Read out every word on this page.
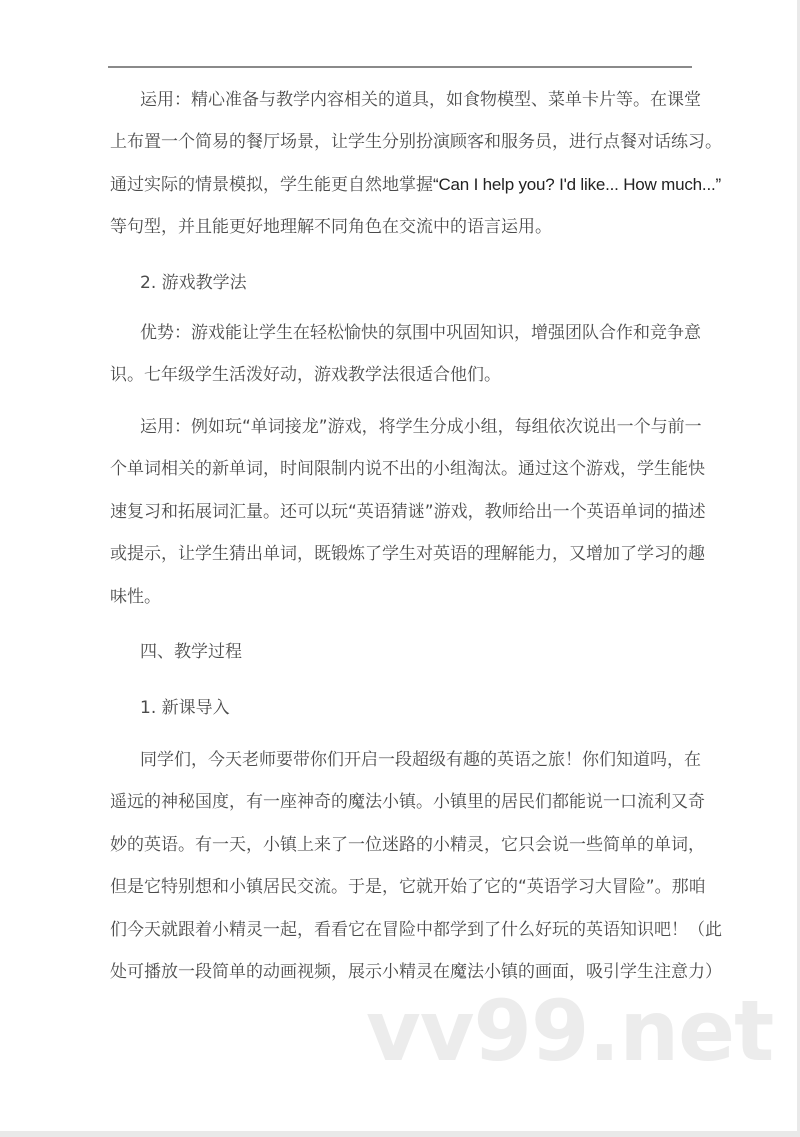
运用：精心准备与教学内容相关的道具，如食物模型、菜单卡片等。在课堂
上布置一个简易的餐厅场景，让学生分别扮演顾客和服务员，进行点餐对话练习。
通过实际的情景模拟，学生能更自然地掌握“Can I help you? I'd like... How much...”
等句型，并且能更好地理解不同角色在交流中的语言运用。
2. 游戏教学法
优势：游戏能让学生在轻松愉快的氛围中巩固知识，增强团队合作和竞争意
识。七年级学生活泼好动，游戏教学法很适合他们。
运用：例如玩“单词接龙”游戏，将学生分成小组，每组依次说出一个与前一
个单词相关的新单词，时间限制内说不出的小组淘汰。通过这个游戏，学生能快
速复习和拓展词汇量。还可以玩“英语猜谜”游戏，教师给出一个英语单词的描述
或提示，让学生猜出单词，既锻炼了学生对英语的理解能力，又增加了学习的趣
味性。
四、教学过程
1. 新课导入
同学们，今天老师要带你们开启一段超级有趣的英语之旅！你们知道吗，在
遥远的神秘国度，有一座神奇的魔法小镇。小镇里的居民们都能说一口流利又奇
妙的英语。有一天，小镇上来了一位迷路的小精灵，它只会说一些简单的单词，
但是它特别想和小镇居民交流。于是，它就开始了它的“英语学习大冒险”。那咱
们今天就跟着小精灵一起，看看它在冒险中都学到了什么好玩的英语知识吧！（此
处可播放一段简单的动画视频，展示小精灵在魔法小镇的画面，吸引学生注意力）
vv99.net
